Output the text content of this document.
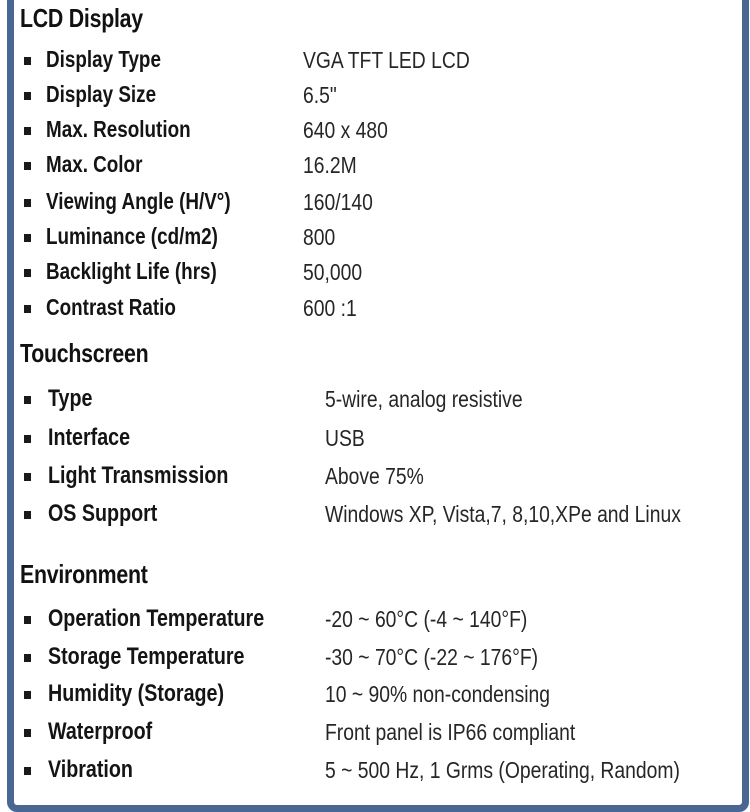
LCD Display
Display Type	VGA TFT LED LCD
Display Size	6.5"
Max. Resolution	640 x 480
Max. Color	16.2M
Viewing Angle (H/V°)	160/140
Luminance (cd/m2)	800
Backlight Life (hrs)	50,000
Contrast Ratio	600 :1
Touchscreen
Type	5-wire, analog resistive
Interface	USB
Light Transmission	Above 75%
OS Support	Windows XP, Vista,7, 8,10,XPe and Linux
Environment
Operation Temperature	-20 ~ 60°C (-4 ~ 140°F)
Storage Temperature	-30 ~ 70°C (-22 ~ 176°F)
Humidity (Storage)	10 ~ 90% non-condensing
Waterproof	Front panel is IP66 compliant
Vibration	5 ~ 500 Hz, 1 Grms (Operating, Random)
